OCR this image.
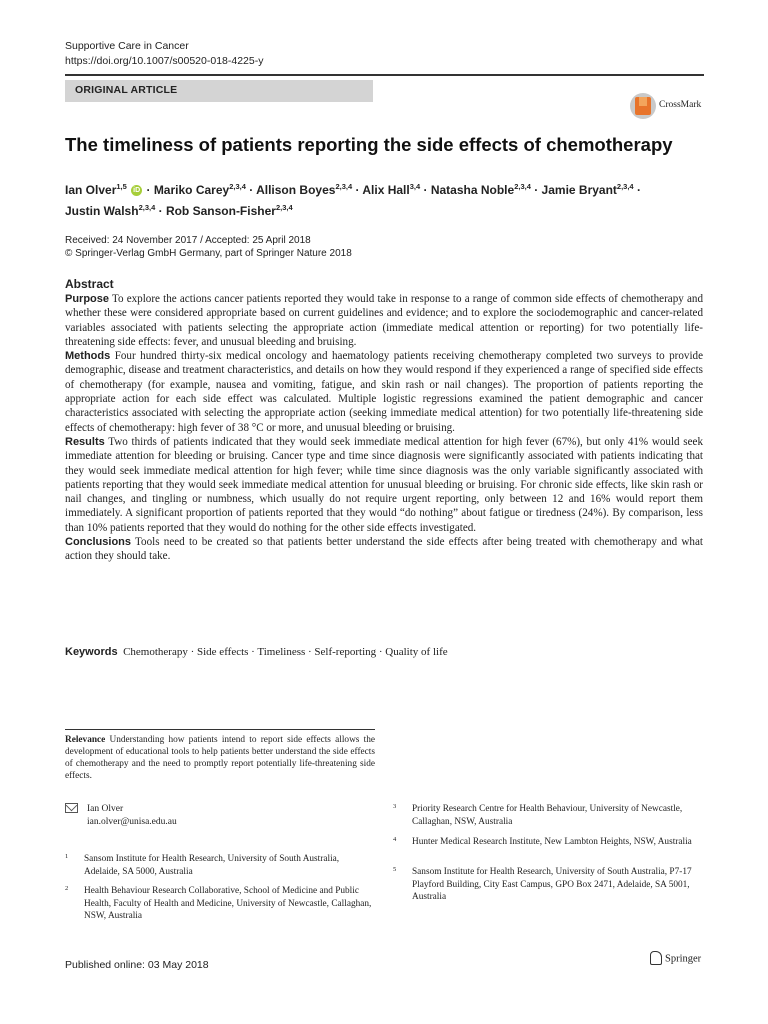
Supportive Care in Cancer
https://doi.org/10.1007/s00520-018-4225-y
ORIGINAL ARTICLE
CrossMark
The timeliness of patients reporting the side effects of chemotherapy
Ian Olver$^{1,5}$ iD · Mariko Carey$^{2,3,4}$ · Allison Boyes$^{2,3,4}$ · Alix Hall$^{3,4}$ · Natasha Noble$^{2,3,4}$ · Jamie Bryant$^{2,3,4}$ ·
Justin Walsh$^{2,3,4}$ · Rob Sanson-Fisher$^{2,3,4}$
Received: 24 November 2017 / Accepted: 25 April 2018
© Springer-Verlag GmbH Germany, part of Springer Nature 2018
Abstract

Purpose To explore the actions cancer patients reported they would take in response to a range of common side effects of chemotherapy and whether these were considered appropriate based on current guidelines and evidence; and to explore the sociodemographic and cancer-related variables associated with patients selecting the appropriate action (immediate medical attention or reporting) for two potentially life-threatening side effects: fever, and unusual bleeding and bruising.

Methods Four hundred thirty-six medical oncology and haematology patients receiving chemotherapy completed two surveys to provide demographic, disease and treatment characteristics, and details on how they would respond if they experienced a range of specified side effects of chemotherapy (for example, nausea and vomiting, fatigue, and skin rash or nail changes). The proportion of patients reporting the appropriate action for each side effect was calculated. Multiple logistic regressions examined the patient demographic and cancer characteristics associated with selecting the appropriate action (seeking immediate medical attention) for two potentially life-threatening side effects of chemotherapy: high fever of 38 °C or more, and unusual bleeding or bruising.

Results Two thirds of patients indicated that they would seek immediate medical attention for high fever (67%), but only 41% would seek immediate attention for bleeding or bruising. Cancer type and time since diagnosis were significantly associated with patients indicating that they would seek immediate medical attention for high fever; while time since diagnosis was the only variable significantly associated with patients reporting that they would seek immediate medical attention for unusual bleeding or bruising. For chronic side effects, like skin rash or nail changes, and tingling or numbness, which usually do not require urgent reporting, only between 12 and 16% would report them immediately. A significant proportion of patients reported that they would “do nothing” about fatigue or tiredness (24%). By comparison, less than 10% patients reported that they would do nothing for the other side effects investigated.

Conclusions Tools need to be created so that patients better understand the side effects after being treated with chemotherapy and what action they should take.

Keywords Chemotherapy · Side effects · Timeliness · Self-reporting · Quality of life
Relevance Understanding how patients intend to report side effects allows the development of educational tools to help patients better understand the side effects of chemotherapy and the need to promptly report potentially life-threatening side effects.
Ian Olver
ian.olver@unisa.edu.au
1 Sansom Institute for Health Research, University of South Australia, Adelaide, SA 5000, Australia
2 Health Behaviour Research Collaborative, School of Medicine and Public Health, Faculty of Health and Medicine, University of Newcastle, Callaghan, NSW, Australia
3 Priority Research Centre for Health Behaviour, University of Newcastle, Callaghan, NSW, Australia
4 Hunter Medical Research Institute, New Lambton Heights, NSW, Australia
5 Sansom Institute for Health Research, University of South Australia, P7-17 Playford Building, City East Campus, GPO Box 2471, Adelaide, SA 5001, Australia
Published online: 03 May 2018
Springer
